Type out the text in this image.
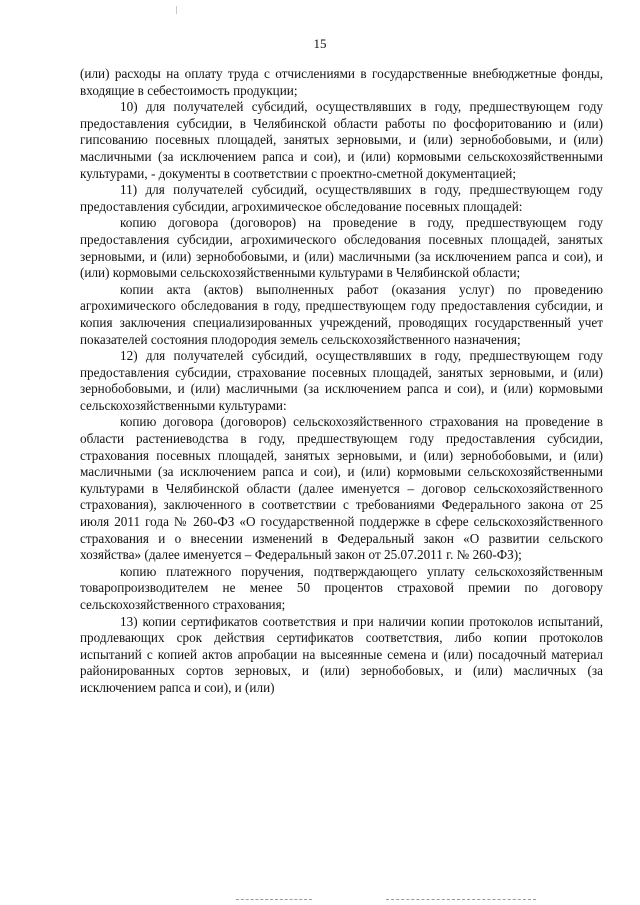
15

(или) расходы на оплату труда с отчислениями в государственные внебюджетные фонды, входящие в себестоимость продукции;

10) для получателей субсидий, осуществлявших в году, предшествующем году предоставления субсидии, в Челябинской области работы по фосфоритованию и (или) гипсованию посевных площадей, занятых зерновыми, и (или) зернобобовыми, и (или) масличными (за исключением рапса и сои), и (или) кормовыми сельскохозяйственными культурами, - документы в соответствии с проектно-сметной документацией;

11) для получателей субсидий, осуществлявших в году, предшествующем году предоставления субсидии, агрохимическое обследование посевных площадей:

копию договора (договоров) на проведение в году, предшествующем году предоставления субсидии, агрохимического обследования посевных площадей, занятых зерновыми, и (или) зернобобовыми, и (или) масличными (за исключением рапса и сои), и (или) кормовыми сельскохозяйственными культурами в Челябинской области;

копии акта (актов) выполненных работ (оказания услуг) по проведению агрохимического обследования в году, предшествующем году предоставления субсидии, и копия заключения специализированных учреждений, проводящих государственный учет показателей состояния плодородия земель сельскохозяйственного назначения;

12) для получателей субсидий, осуществлявших в году, предшествующем году предоставления субсидии, страхование посевных площадей, занятых зерновыми, и (или) зернобобовыми, и (или) масличными (за исключением рапса и сои), и (или) кормовыми сельскохозяйственными культурами:

копию договора (договоров) сельскохозяйственного страхования на проведение в области растениеводства в году, предшествующем году предоставления субсидии, страхования посевных площадей, занятых зерновыми, и (или) зернобобовыми, и (или) масличными (за исключением рапса и сои), и (или) кормовыми сельскохозяйственными культурами в Челябинской области (далее именуется – договор сельскохозяйственного страхования), заключенного в соответствии с требованиями Федерального закона от 25 июля 2011 года № 260-ФЗ «О государственной поддержке в сфере сельскохозяйственного страхования и о внесении изменений в Федеральный закон «О развитии сельского хозяйства» (далее именуется – Федеральный закон от 25.07.2011 г. № 260-ФЗ);

копию платежного поручения, подтверждающего уплату сельскохозяйственным товаропроизводителем не менее 50 процентов страховой премии по договору сельскохозяйственного страхования;

13) копии сертификатов соответствия и при наличии копии протоколов испытаний, продлевающих срок действия сертификатов соответствия, либо копии протоколов испытаний с копией актов апробации на высеянные семена и (или) посадочный материал районированных сортов зерновых, и (или) зернобобовых, и (или) масличных (за исключением рапса и сои), и (или)
